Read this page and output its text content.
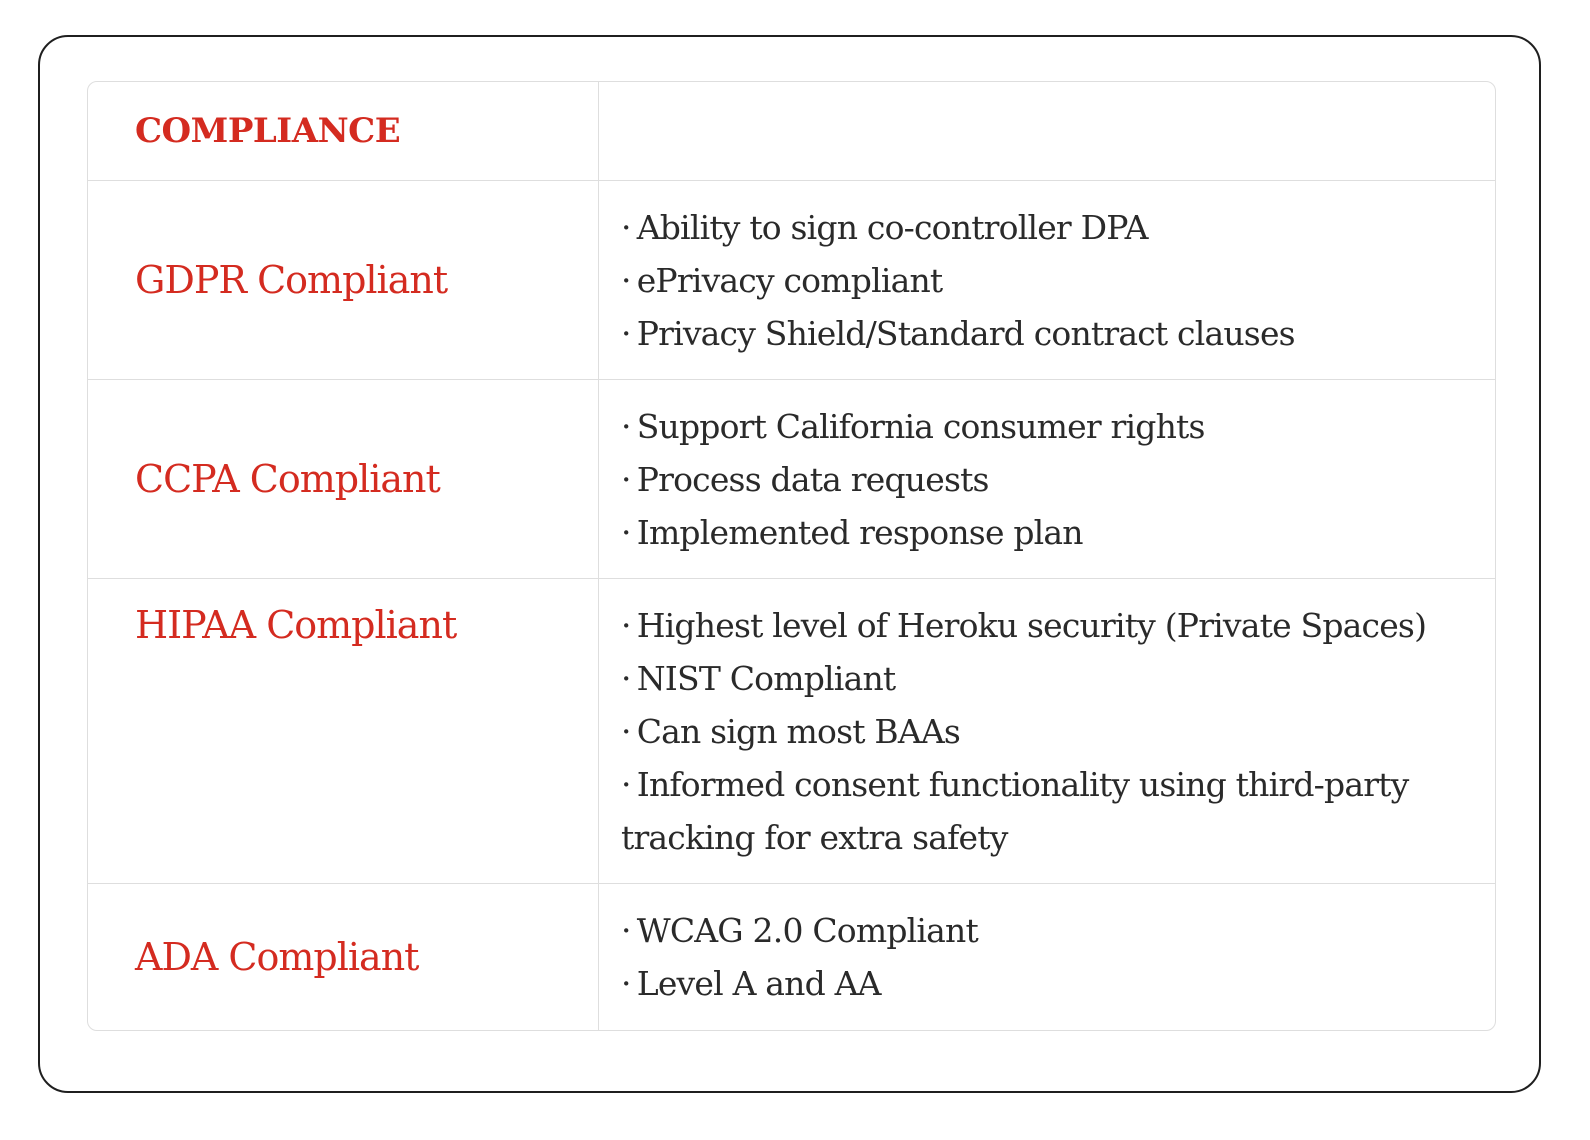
COMPLIANCE
GDPR Compliant

· Ability to sign co-controller DPA

· ePrivacy compliant

· Privacy Shield/Standard contract clauses

CCPA Compliant

· Support California consumer rights

· Process data requests

· Implemented response plan

HIPAA Compliant	· Highest level of Heroku security (Private Spaces)

· NIST Compliant

· Can sign most BAAs

· Informed consent functionality using third-party tracking for extra safety

ADA Compliant

· WCAG 2.0 Compliant

· Level A and AA
